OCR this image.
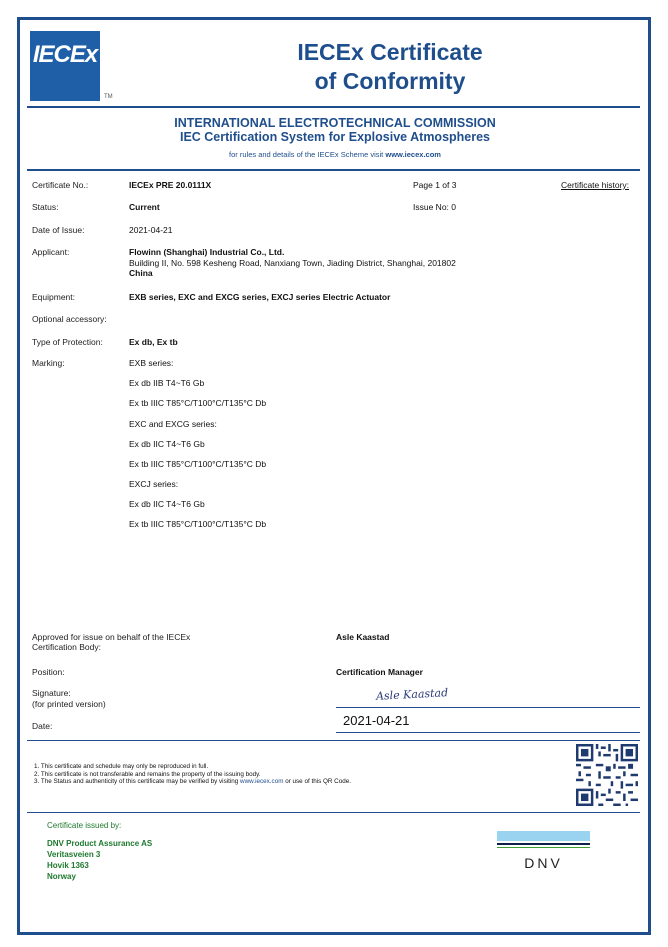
IECEx
TM
IECEx Certificate
of Conformity
INTERNATIONAL ELECTROTECHNICAL COMMISSION
IEC Certification System for Explosive Atmospheres
for rules and details of the IECEx Scheme visit www.iecex.com
Certificate No.:	IECEx PRE 20.0111X	Page 1 of 3	Certificate history:
Status:	Current	Issue No: 0
Date of Issue:	2021-04-21
Applicant:	Flowinn (Shanghai) Industrial Co., Ltd.
Building II, No. 598 Kesheng Road, Nanxiang Town, Jiading District, Shanghai, 201802
China
Equipment:	EXB series, EXC and EXCG series, EXCJ series Electric Actuator
Optional accessory:
Type of Protection:	Ex db, Ex tb
Marking:	EXB series:
Ex db IIB T4~T6 Gb
Ex tb IIIC T85°C/T100°C/T135°C Db
EXC and EXCG series:
Ex db IIC T4~T6 Gb
Ex tb IIIC T85°C/T100°C/T135°C Db
EXCJ series:
Ex db IIC T4~T6 Gb
Ex tb IIIC T85°C/T100°C/T135°C Db
Approved for issue on behalf of the IECEx
Certification Body:
Asle Kaastad
Position:	Certification Manager
Signature:
(for printed version)
Asle Kaastad
Date:	2021-04-21
1. This certificate and schedule may only be reproduced in full.
2. This certificate is not transferable and remains the property of the issuing body.
3. The Status and authenticity of this certificate may be verified by visiting www.iecex.com or use of this QR Code.
Certificate issued by:
DNV Product Assurance AS
Veritasveien 3
Hovik 1363
Norway
DNV
